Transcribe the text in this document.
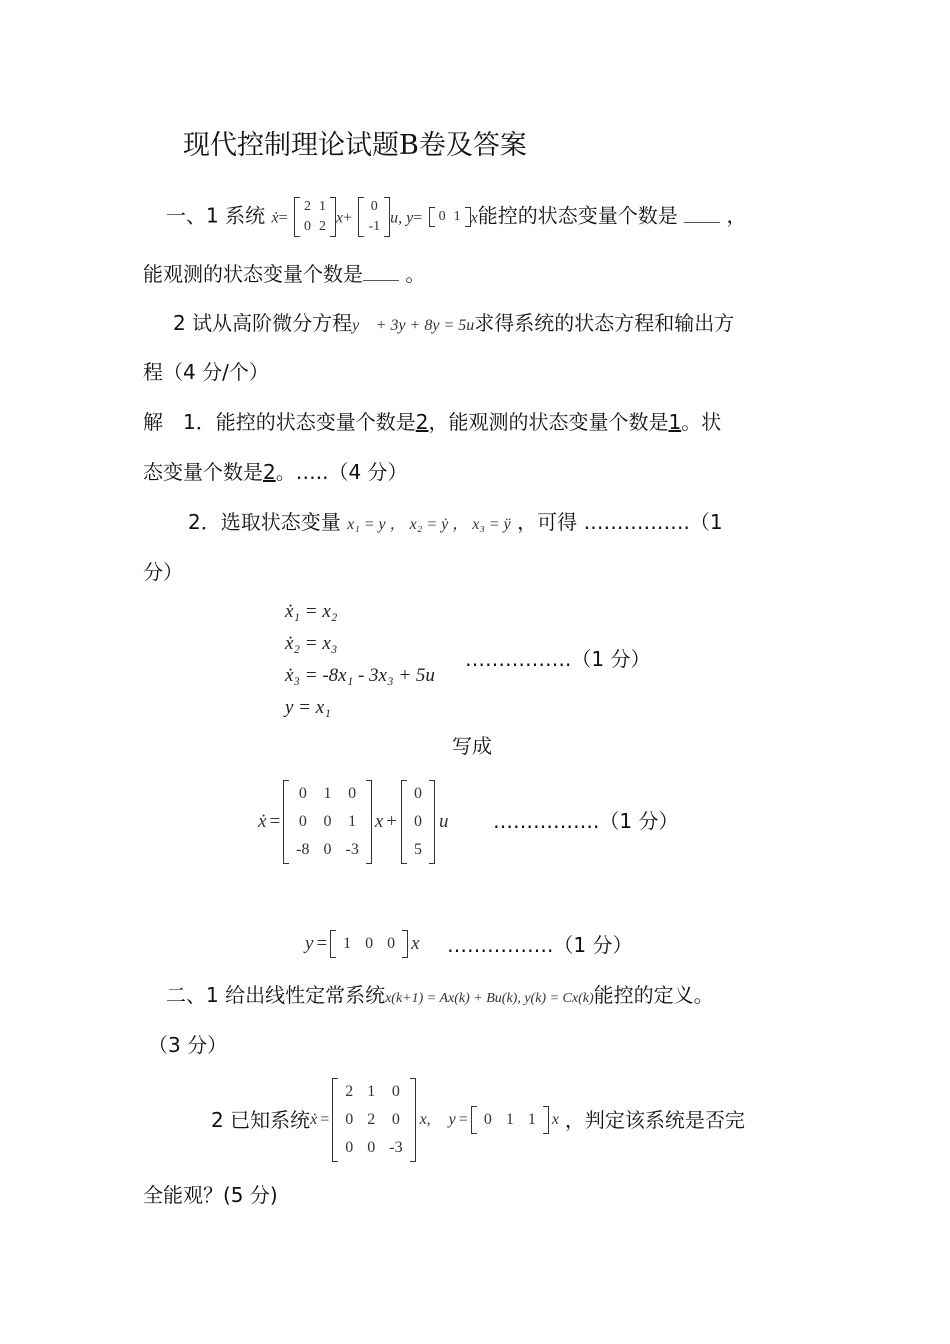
现代控制理论试题B卷及答案
一、1 系统 ẋ=
2	1
0	2 x+
0
-1 u, y= 0	1 x能控的状态变量个数是 ，
能观测的状态变量个数是 。
2 试从高阶微分方程y⃛ + 3y + 8y = 5u求得系统的状态方程和输出方
程（4 分/个）
解　1．能控的状态变量个数是2，能观测的状态变量个数是1。状
态变量个数是2。…..（4 分）
2．选取状态变量 x₁ = y ， x₂ = ẏ ， x₃ = ÿ ，可得 …………….（1
分）
ẋ₁ = x₂
ẋ₂ = x₃
ẋ₃ = -8x₁ - 3x₃ + 5u
y = x₁
…………….（1 分）
写成
ẋ =
0	1	0
0	0	1
-8	0	-3
x +
0
0
5
u …………….（1 分）
y = 1	0	0 x …………….（1 分）
二、1 给出线性定常系统x(k+1) = Ax(k) + Bu(k), y(k) = Cx(k)能控的定义。
（3 分）
2 已知系统 ẋ =
2	1	0
0	2	0
0	0	-3
x, y = 0	1	1 x ，判定该系统是否完
全能观？(5 分)
